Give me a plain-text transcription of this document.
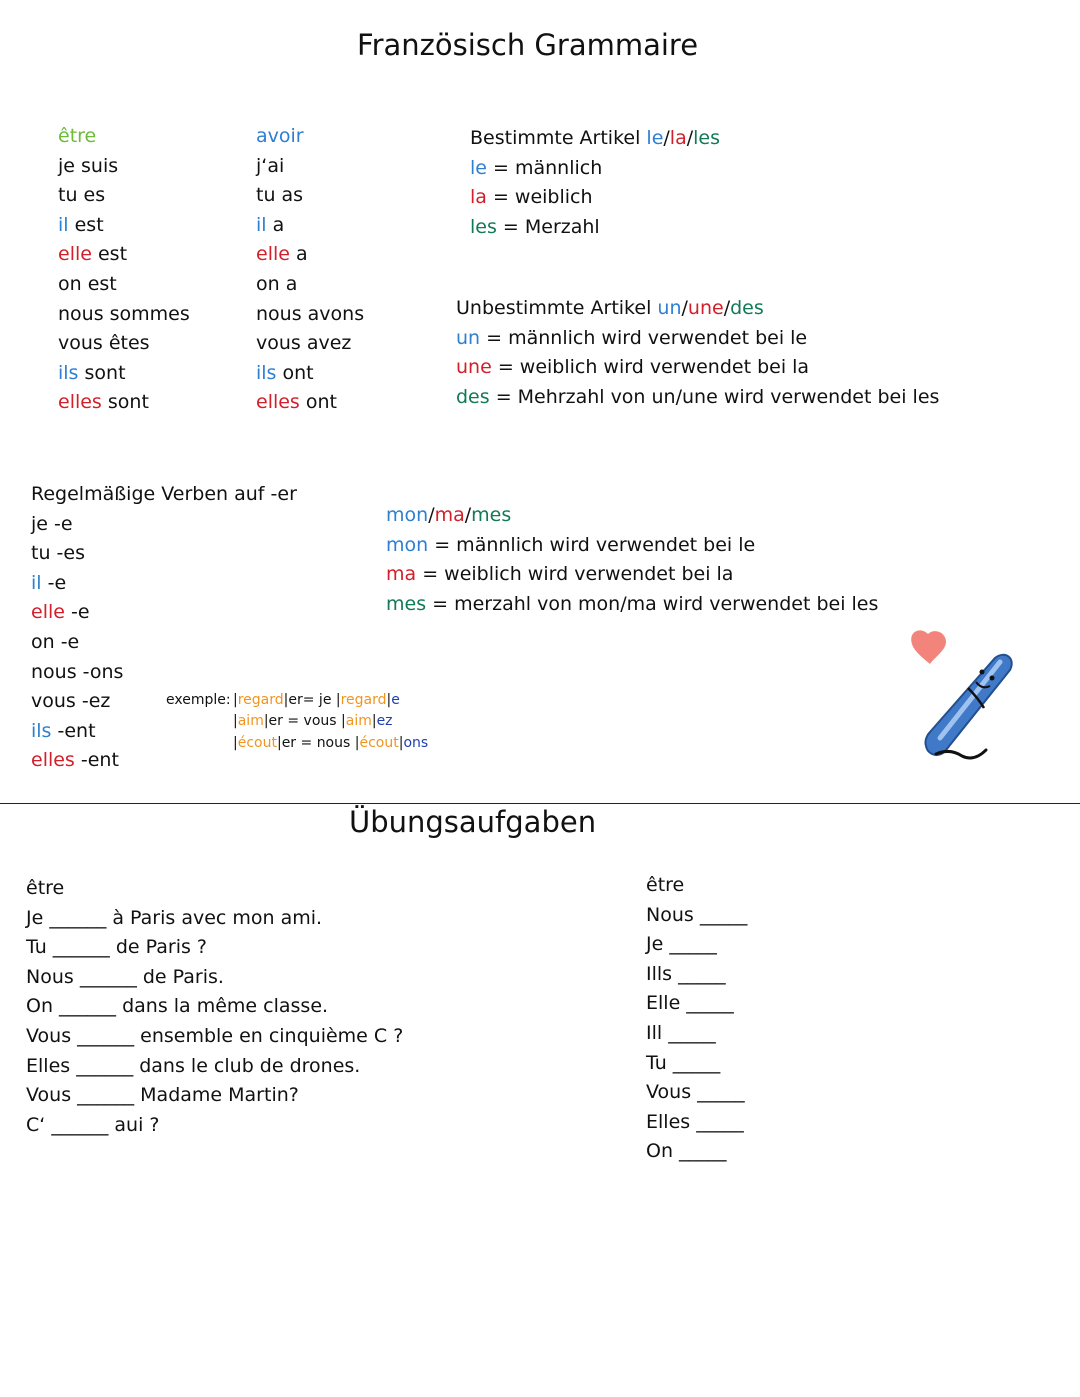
Französisch Grammaire
être
je suis
tu es
il est
elle est
on est
nous sommes
vous êtes
ils sont
elles sont
avoir
j‘ai
tu as
il a
elle a
on a
nous avons
vous avez
ils ont
elles ont
Bestimmte Artikel le/la/les
le = männlich
la = weiblich
les = Merzahl
Unbestimmte Artikel un/une/des
un = männlich wird verwendet bei le
une = weiblich wird verwendet bei la
des = Mehrzahl von un/une wird verwendet bei les
Regelmäßige Verben auf -er
je -e
tu -es
il -e
elle -e
on -e
nous -ons
vous -ez
ils -ent
elles -ent
mon/ma/mes
mon = männlich wird verwendet bei le
ma = weiblich wird verwendet bei la
mes = merzahl von mon/ma wird verwendet bei les
exemple: |regard|er= je |regard|e
|aim|er = vous |aim|ez
|écout|er = nous |écout|ons
Übungsaufgaben
être
Je ______ à Paris avec mon ami.
Tu ______ de Paris ?
Nous ______ de Paris.
On ______ dans la même classe.
Vous ______ ensemble en cinquième C ?
Elles ______ dans le club de drones.
Vous ______ Madame Martin?
C‘ ______ aui ?
être
Nous _____
Je _____
Ills _____
Elle _____
Ill _____
Tu _____
Vous _____
Elles _____
On _____
